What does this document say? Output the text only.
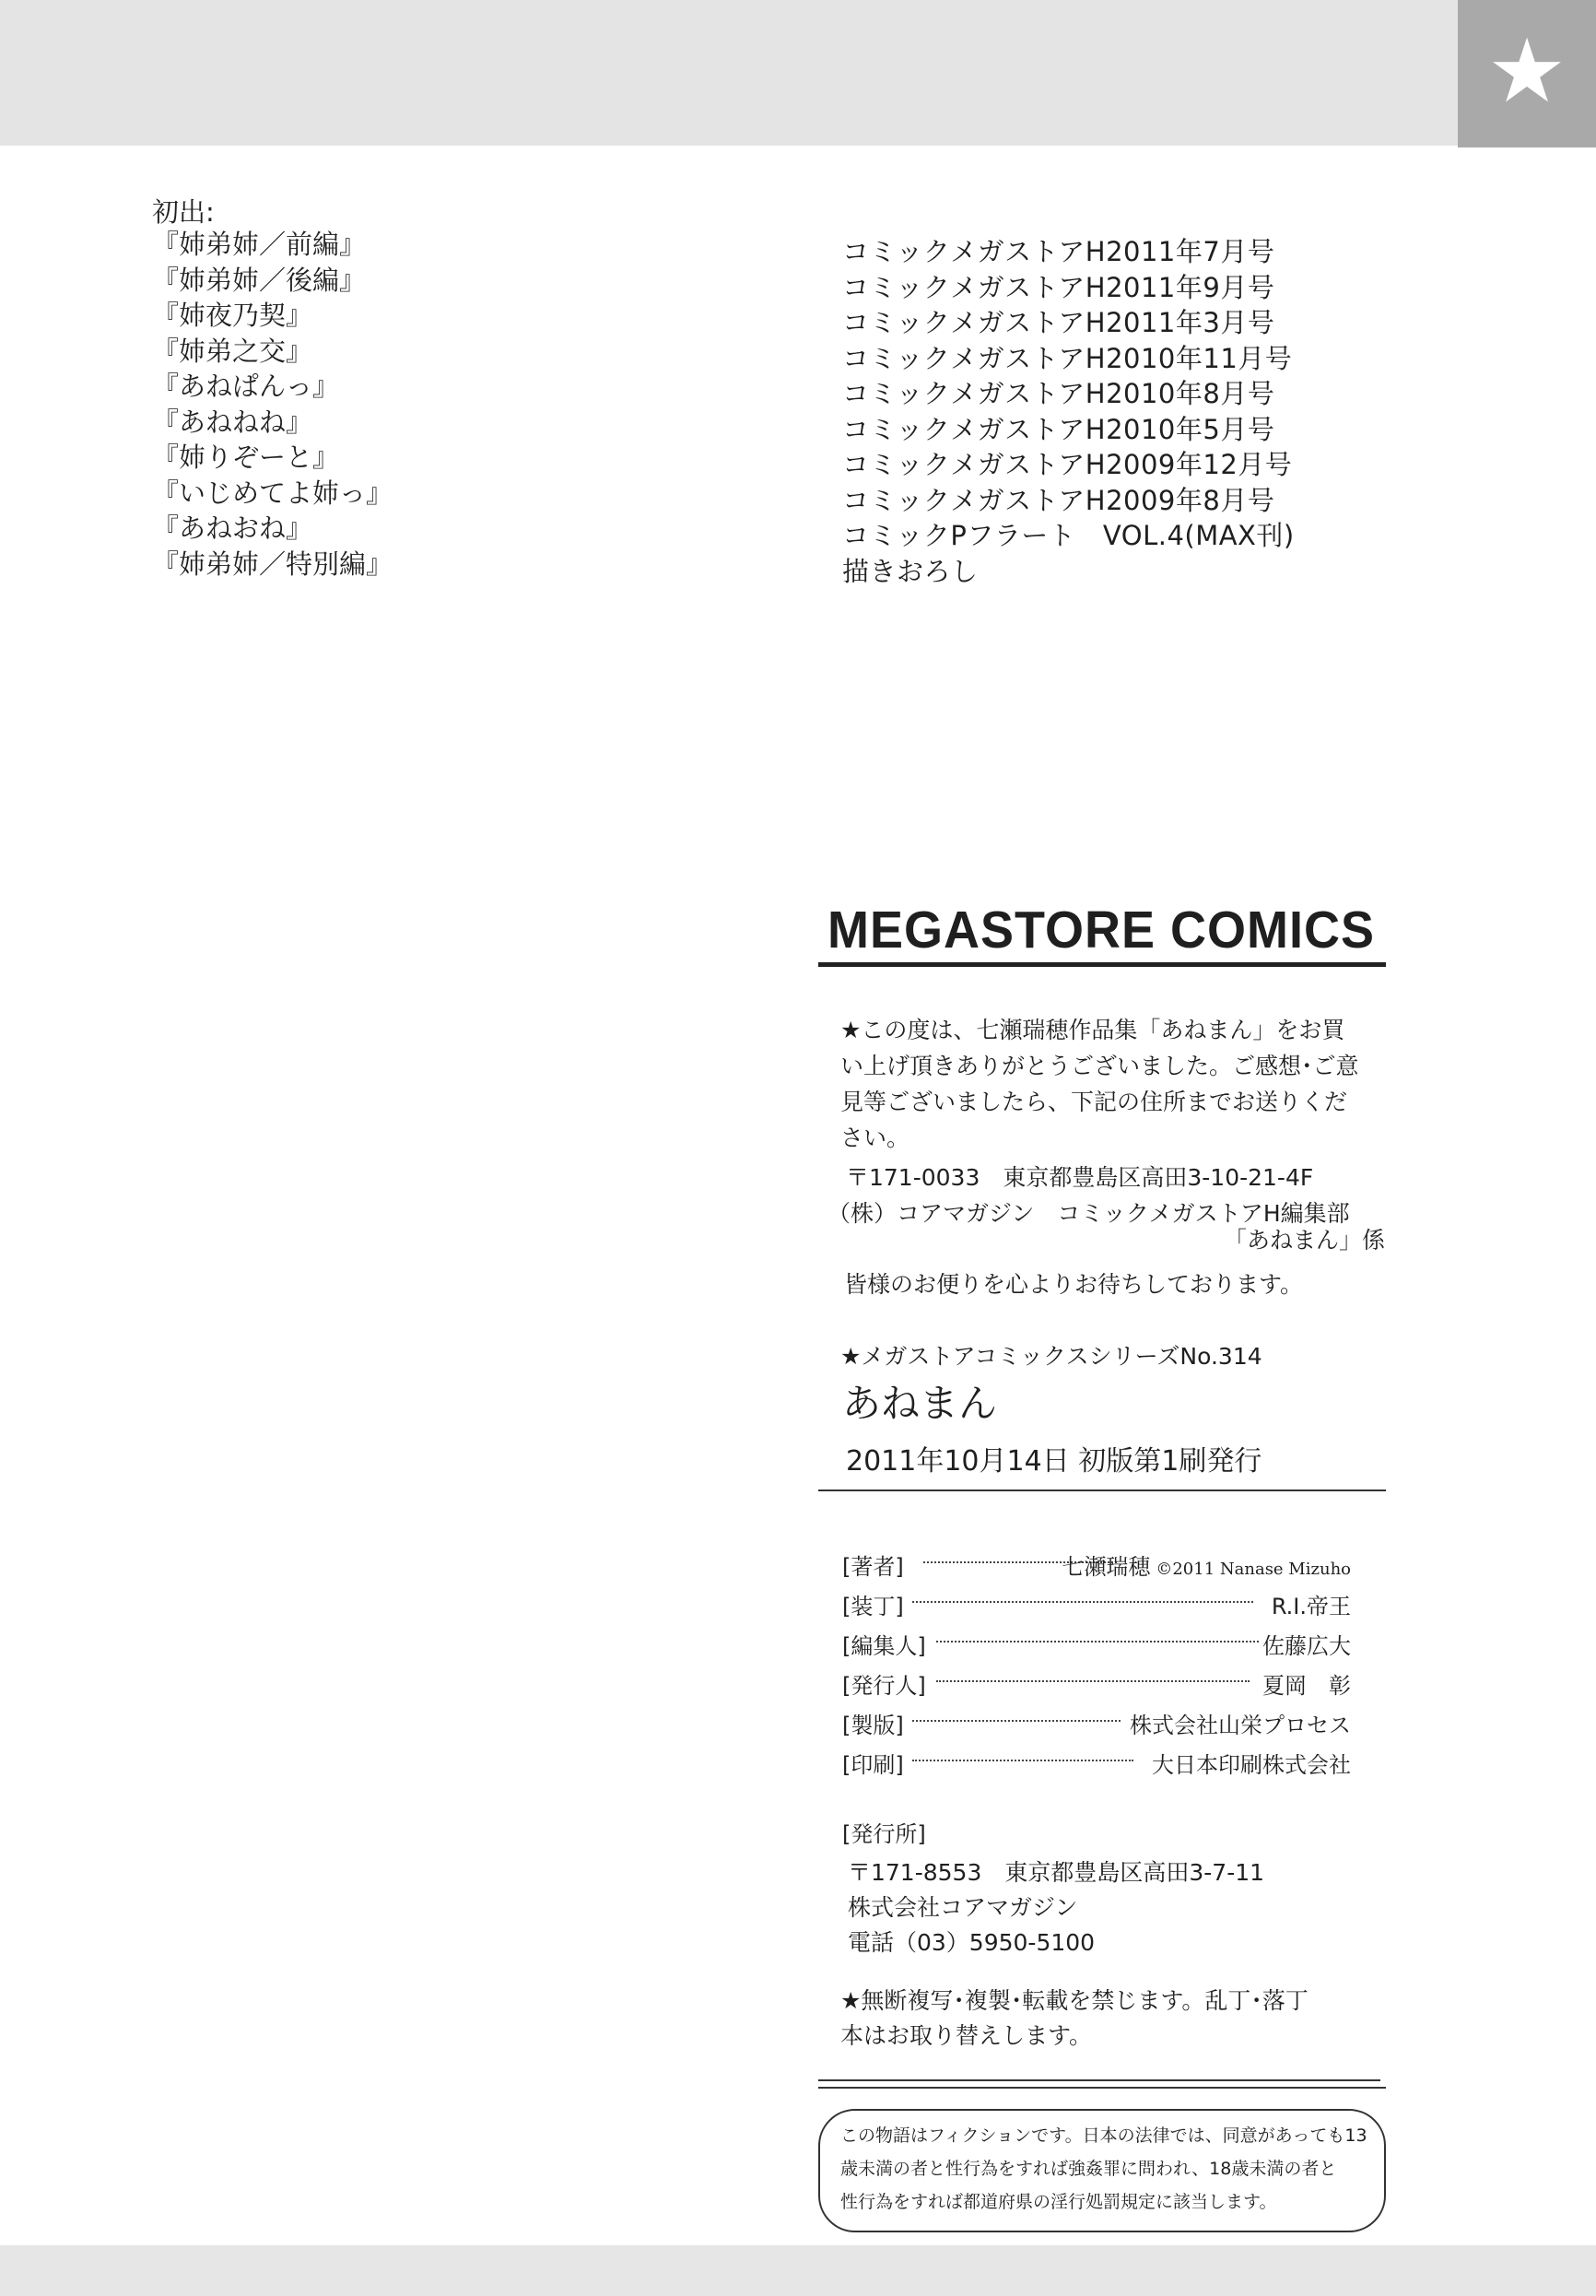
★
初出:
『姉弟姉／前編』
『姉弟姉／後編』
『姉夜乃契』
『姉弟之交』
『あねぱんっ』
『あねねね』
『姉りぞーと』
『いじめてよ姉っ』
『あねおね』
『姉弟姉／特別編』
コミックメガストアH2011年7月号
コミックメガストアH2011年9月号
コミックメガストアH2011年3月号
コミックメガストアH2010年11月号
コミックメガストアH2010年8月号
コミックメガストアH2010年5月号
コミックメガストアH2009年12月号
コミックメガストアH2009年8月号
コミックPフラート　VOL.4(MAX刊)
描きおろし
MEGASTORE COMICS
★この度は、七瀬瑞穂作品集「あねまん」をお買
い上げ頂きありがとうございました。ご感想･ご意
見等ございましたら、下記の住所までお送りくだ
さい。
〒171-0033　東京都豊島区高田3-10-21-4F
（株）コアマガジン　コミックメガストアH編集部
「あねまん」係
皆様のお便りを心よりお待ちしております。
★メガストアコミックスシリーズNo.314
あねまん
2011年10月14日 初版第1刷発行
[著者]	七瀬瑞穂 ©2011 Nanase Mizuho
[装丁]	R.I.帝王
[編集人]	佐藤広大
[発行人]	夏岡　彰
[製版]	株式会社山栄プロセス
[印刷]	大日本印刷株式会社
[発行所]
〒171-8553　東京都豊島区高田3-7-11
株式会社コアマガジン
電話（03）5950-5100
★無断複写･複製･転載を禁じます。乱丁･落丁
本はお取り替えします。
この物語はフィクションです。日本の法律では、同意があっても13
歳未満の者と性行為をすれば強姦罪に問われ、18歳未満の者と
性行為をすれば都道府県の淫行処罰規定に該当します。
